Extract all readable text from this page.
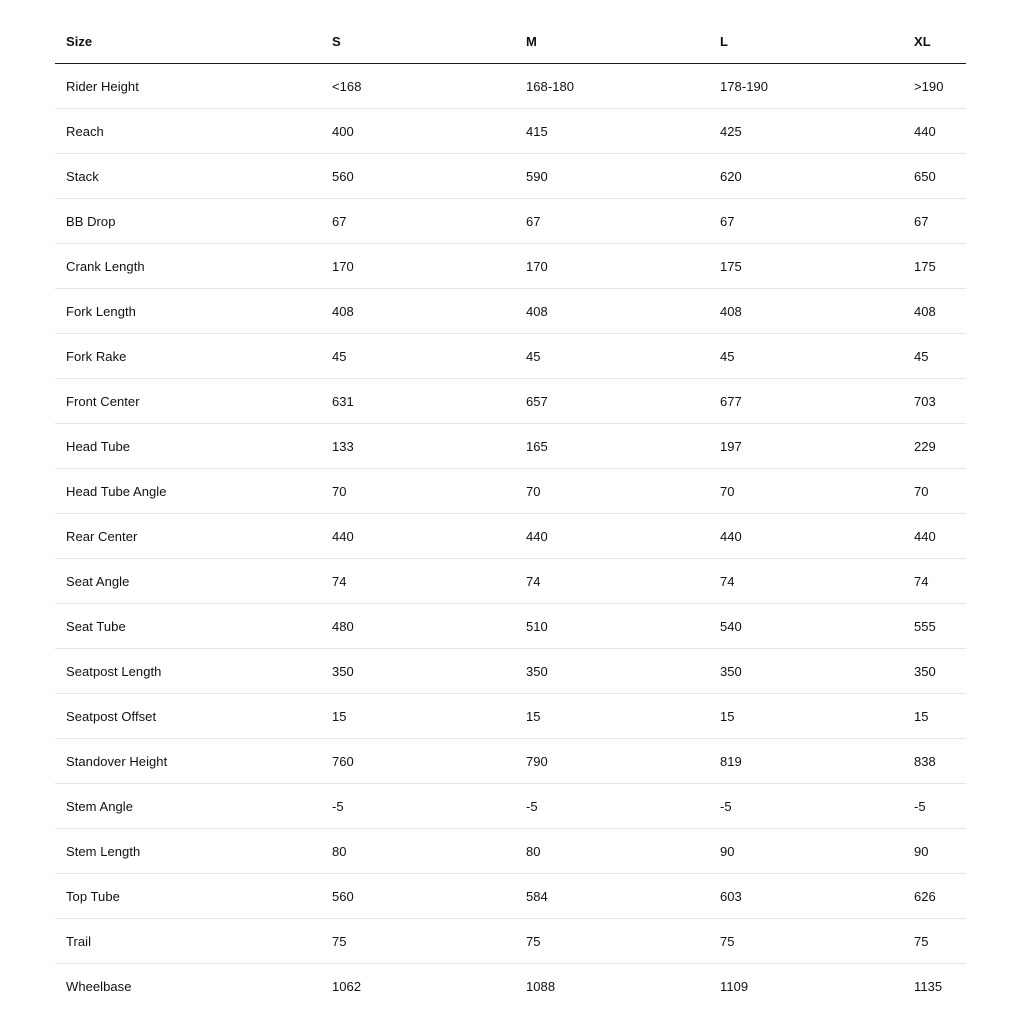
Size	S	M	L	XL
Rider Height	<168	168-180	178-190	>190
Reach	400	415	425	440
Stack	560	590	620	650
BB Drop	67	67	67	67
Crank Length	170	170	175	175
Fork Length	408	408	408	408
Fork Rake	45	45	45	45
Front Center	631	657	677	703
Head Tube	133	165	197	229
Head Tube Angle	70	70	70	70
Rear Center	440	440	440	440
Seat Angle	74	74	74	74
Seat Tube	480	510	540	555
Seatpost Length	350	350	350	350
Seatpost Offset	15	15	15	15
Standover Height	760	790	819	838
Stem Angle	-5	-5	-5	-5
Stem Length	80	80	90	90
Top Tube	560	584	603	626
Trail	75	75	75	75
Wheelbase	1062	1088	1109	1135
